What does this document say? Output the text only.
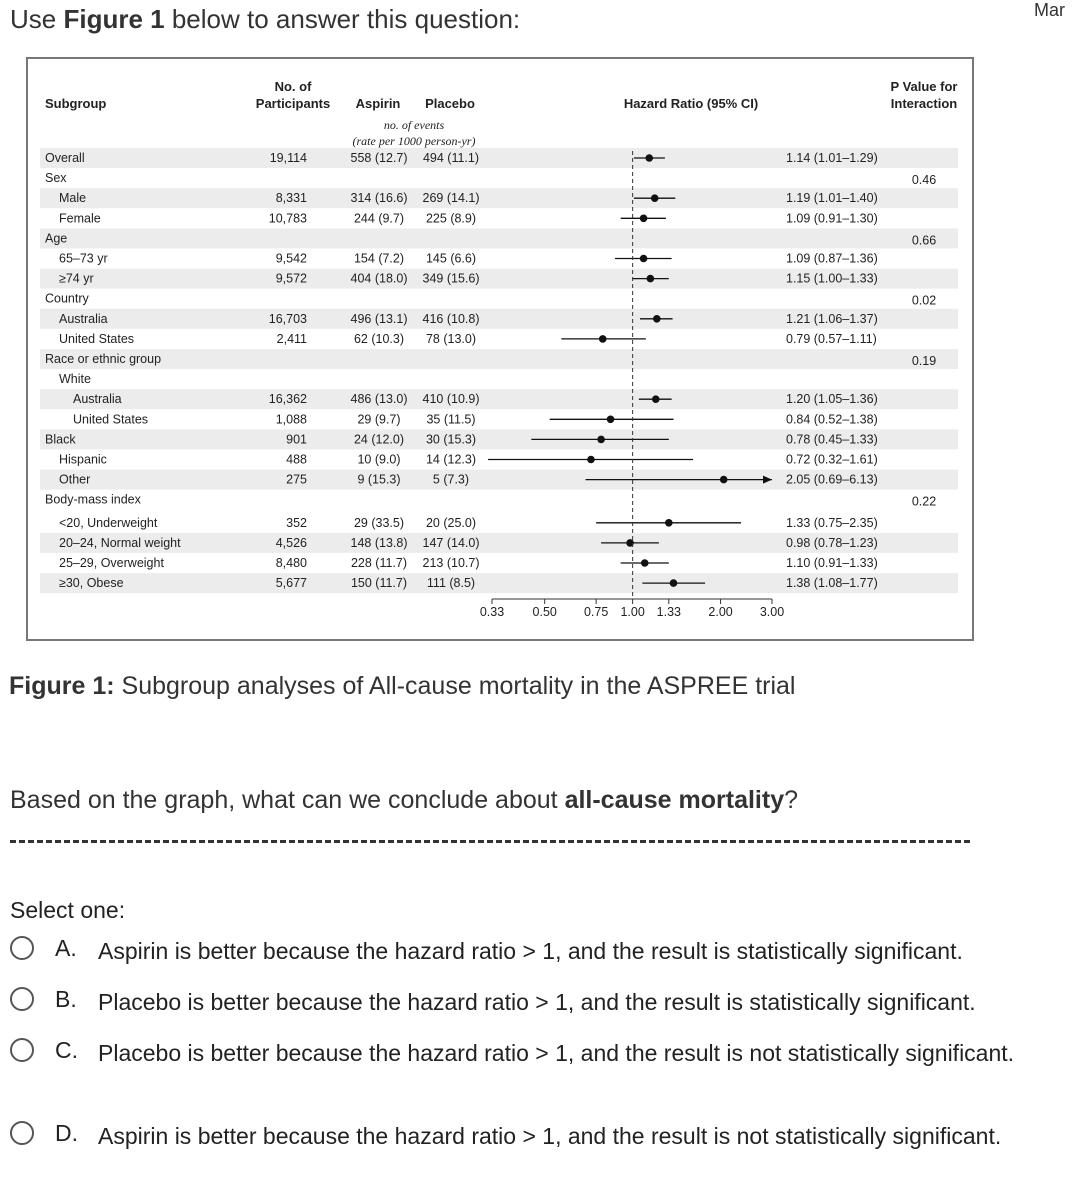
Use Figure 1 below to answer this question:	Mar
Subgroup
No. of
Participants Aspirin Placebo
no. of events
(rate per 1000 person-yr)
Hazard Ratio (95% CI)
P Value for
Interaction
Overall	19,114	558 (12.7) 494 (11.1)	1.14 (1.01–1.29)
Sex	0.46
Male	8,331	314 (16.6) 269 (14.1)	1.19 (1.01–1.40)
Female	10,783	244 (9.7) 225 (8.9)	1.09 (0.91–1.30)
Age	0.66
65–73 yr	9,542	154 (7.2) 145 (6.6)	1.09 (0.87–1.36)
≥74 yr	9,572	404 (18.0) 349 (15.6)	1.15 (1.00–1.33)
Country	0.02
Australia	16,703	496 (13.1) 416 (10.8)	1.21 (1.06–1.37)
United States	2,411	62 (10.3) 78 (13.0)	0.79 (0.57–1.11)
Race or ethnic group	0.19
White
Australia	16,362	486 (13.0) 410 (10.9)	1.20 (1.05–1.36)
United States	1,088	29 (9.7) 35 (11.5)	0.84 (0.52–1.38)
Black	901	24 (12.0) 30 (15.3)	0.78 (0.45–1.33)
Hispanic	488	10 (9.0) 14 (12.3)	0.72 (0.32–1.61)
Other	275	9 (15.3)	5 (7.3)	2.05 (0.69–6.13)
Body-mass index	0.22
<20, Underweight	352	29 (33.5) 20 (25.0)	1.33 (0.75–2.35)
20–24, Normal weight	4,526	148 (13.8) 147 (14.0)	0.98 (0.78–1.23)
25–29, Overweight	8,480	228 (11.7) 213 (10.7)	1.10 (0.91–1.33)
≥30, Obese	5,677	150 (11.7) 111 (8.5)	1.38 (1.08–1.77)
0.33 0.50 0.75 1.00 1.33 2.00 3.00
Figure 1: Subgroup analyses of All-cause mortality in the ASPREE trial
Based on the graph, what can we conclude about all-cause mortality?
Select one:
A. Aspirin is better because the hazard ratio > 1, and the result is statistically significant.
B. Placebo is better because the hazard ratio > 1, and the result is statistically significant.
C. Placebo is better because the hazard ratio > 1, and the result is not statistically significant.
D. Aspirin is better because the hazard ratio > 1, and the result is not statistically significant.
